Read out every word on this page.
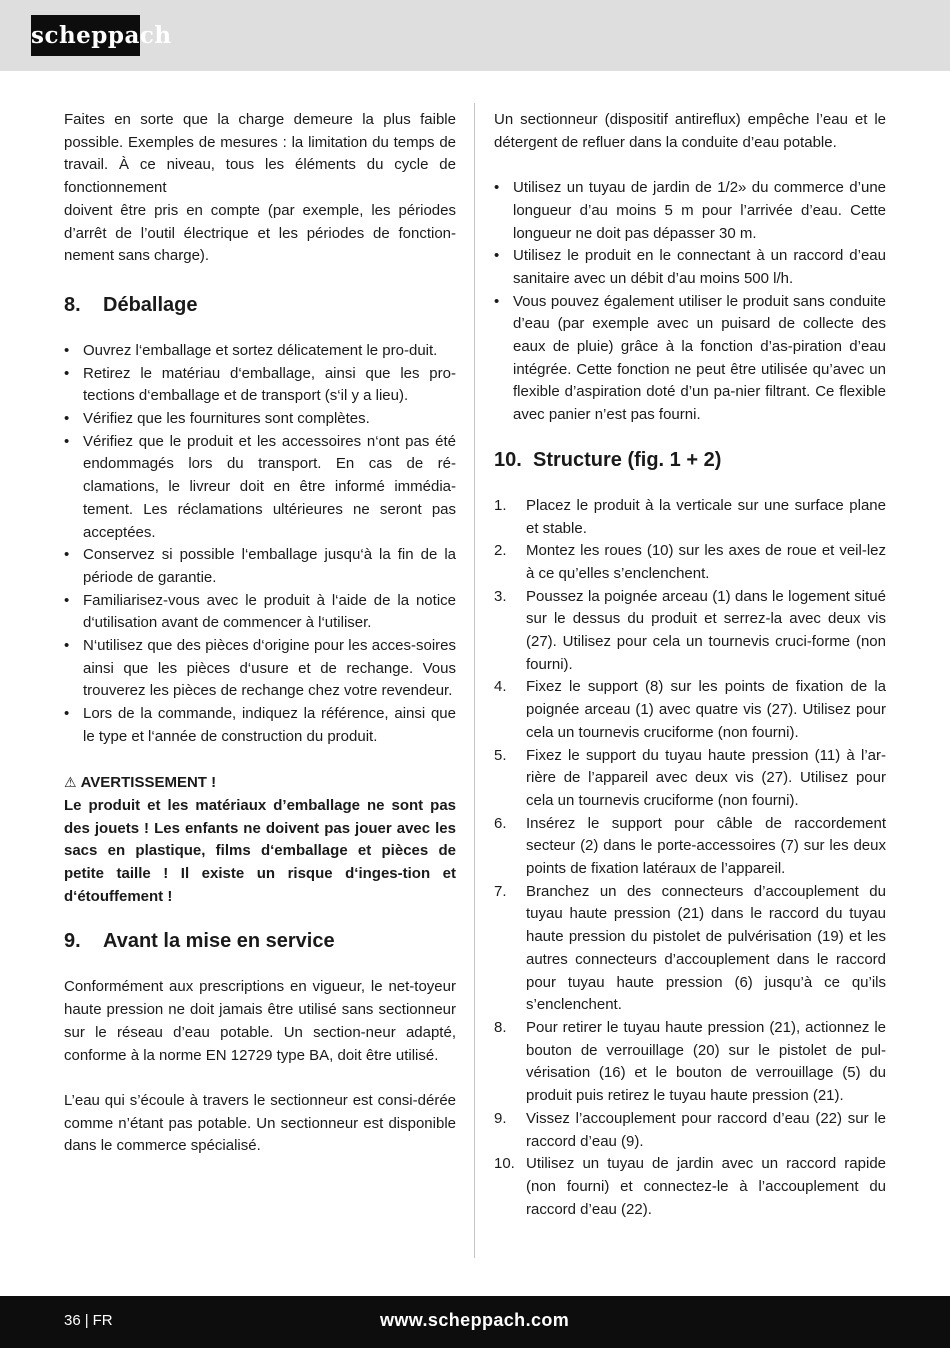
scheppach

Faites en sorte que la charge demeure la plus faible possible. Exemples de mesures : la limitation du temps de travail. À ce niveau, tous les éléments du cycle de fonctionnement

doivent être pris en compte (par exemple, les périodes d’arrêt de l’outil électrique et les périodes de fonction-nement sans charge).

8.	Déballage
• Ouvrez l‘emballage et sortez délicatement le pro-duit.
• Retirez le matériau d‘emballage, ainsi que les pro-tections d‘emballage et de transport (s‘il y a lieu).
• Vérifiez que les fournitures sont complètes.
• Vérifiez que le produit et les accessoires n‘ont pas été endommagés lors du transport. En cas de ré-clamations, le livreur doit en être informé immédia-tement. Les réclamations ultérieures ne seront pas acceptées.
• Conservez si possible l‘emballage jusqu‘à la fin de la période de garantie.
• Familiarisez-vous avec le produit à l‘aide de la notice d‘utilisation avant de commencer à l‘utiliser.
• N‘utilisez que des pièces d‘origine pour les acces-soires ainsi que les pièces d‘usure et de rechange. Vous trouverez les pièces de rechange chez votre revendeur.
• Lors de la commande, indiquez la référence, ainsi que le type et l‘année de construction du produit.
⚠ AVERTISSEMENT !

Le produit et les matériaux d’emballage ne sont pas des jouets ! Les enfants ne doivent pas jouer avec les sacs en plastique, films d‘emballage et pièces de petite taille ! Il existe un risque d‘inges-tion et d‘étouffement !

9.	Avant la mise en service

Conformément aux prescriptions en vigueur, le net-toyeur haute pression ne doit jamais être utilisé sans sectionneur sur le réseau d’eau potable. Un section-neur adapté, conforme à la norme EN 12729 type BA, doit être utilisé.

L’eau qui s’écoule à travers le sectionneur est consi-dérée comme n’étant pas potable. Un sectionneur est disponible dans le commerce spécialisé.

Un sectionneur (dispositif antireflux) empêche l’eau et le détergent de refluer dans la conduite d’eau potable.

• Utilisez un tuyau de jardin de 1/2» du commerce d’une longueur d’au moins 5 m pour l’arrivée d’eau. Cette longueur ne doit pas dépasser 30 m.
• Utilisez le produit en le connectant à un raccord d’eau sanitaire avec un débit d’au moins 500 l/h.
• Vous pouvez également utiliser le produit sans conduite d’eau (par exemple avec un puisard de collecte des eaux de pluie) grâce à la fonction d’as-piration d’eau intégrée. Cette fonction ne peut être utilisée qu’avec un flexible d’aspiration doté d’un pa-nier filtrant. Ce flexible avec panier n’est pas fourni.
10. Structure (fig. 1 + 2)
1.	Placez le produit à la verticale sur une surface plane et stable.
2.	Montez les roues (10) sur les axes de roue et veil-lez à ce qu’elles s’enclenchent.
3.	Poussez la poignée arceau (1) dans le logement situé sur le dessus du produit et serrez-la avec deux vis (27). Utilisez pour cela un tournevis cruci-forme (non fourni).
4.	Fixez le support (8) sur les points de fixation de la poignée arceau (1) avec quatre vis (27). Utilisez pour cela un tournevis cruciforme (non fourni).
5.	Fixez le support du tuyau haute pression (11) à l’ar-rière de l’appareil avec deux vis (27). Utilisez pour cela un tournevis cruciforme (non fourni).
6.	Insérez le support pour câble de raccordement secteur (2) dans le porte-accessoires (7) sur les deux points de fixation latéraux de l’appareil.
7.	Branchez un des connecteurs d’accouplement du tuyau haute pression (21) dans le raccord du tuyau haute pression du pistolet de pulvérisation (19) et les autres connecteurs d’accouplement dans le raccord pour tuyau haute pression (6) jusqu’à ce qu’ils s’enclenchent.
8.	Pour retirer le tuyau haute pression (21), actionnez le bouton de verrouillage (20) sur le pistolet de pul-vérisation (16) et le bouton de verrouillage (5) du produit puis retirez le tuyau haute pression (21).
9.	Vissez l’accouplement pour raccord d’eau (22) sur le raccord d’eau (9).
10. Utilisez un tuyau de jardin avec un raccord rapide (non fourni) et connectez-le à l’accouplement du raccord d’eau (22).
36 | FR	www.scheppach.com
